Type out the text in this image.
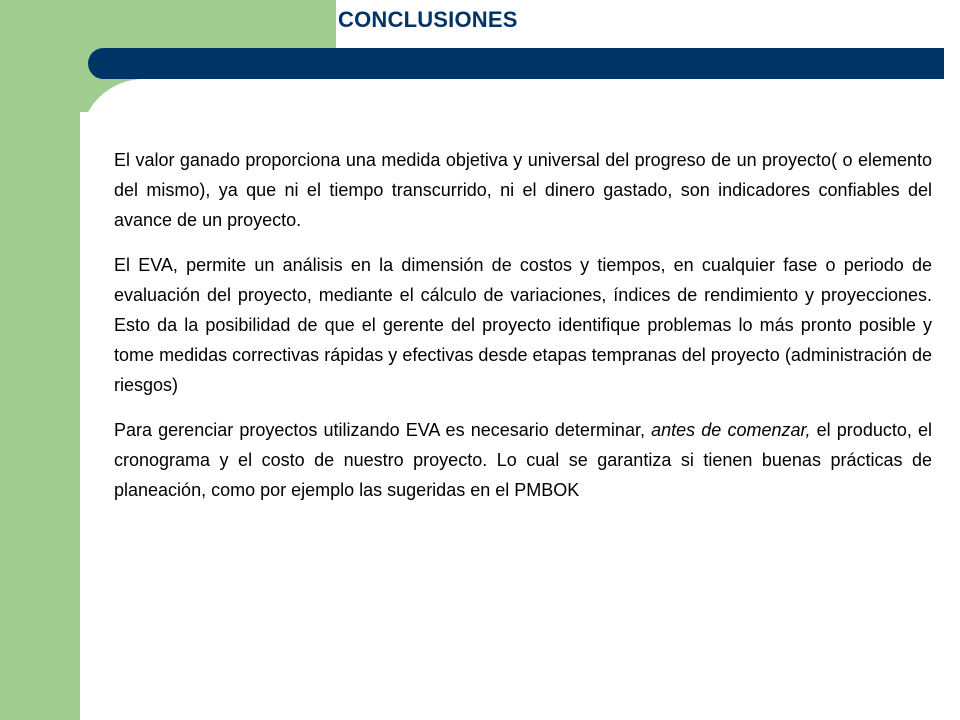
CONCLUSIONES

El valor ganado proporciona una medida objetiva y universal del progreso de un proyecto( o elemento del mismo), ya que ni el tiempo transcurrido, ni el dinero gastado, son indicadores confiables del avance de un proyecto.

El EVA, permite un análisis en la dimensión de costos y tiempos, en cualquier fase o periodo de evaluación del proyecto, mediante el cálculo de variaciones, índices de rendimiento y proyecciones. Esto da la posibilidad de que el gerente del proyecto identifique problemas lo más pronto posible y tome medidas correctivas rápidas y efectivas desde etapas tempranas del proyecto (administración de riesgos)

Para gerenciar proyectos utilizando EVA es necesario determinar, antes de comenzar, el producto, el cronograma y el costo de nuestro proyecto. Lo cual se garantiza si tienen buenas prácticas de planeación, como por ejemplo las sugeridas en el PMBOK
